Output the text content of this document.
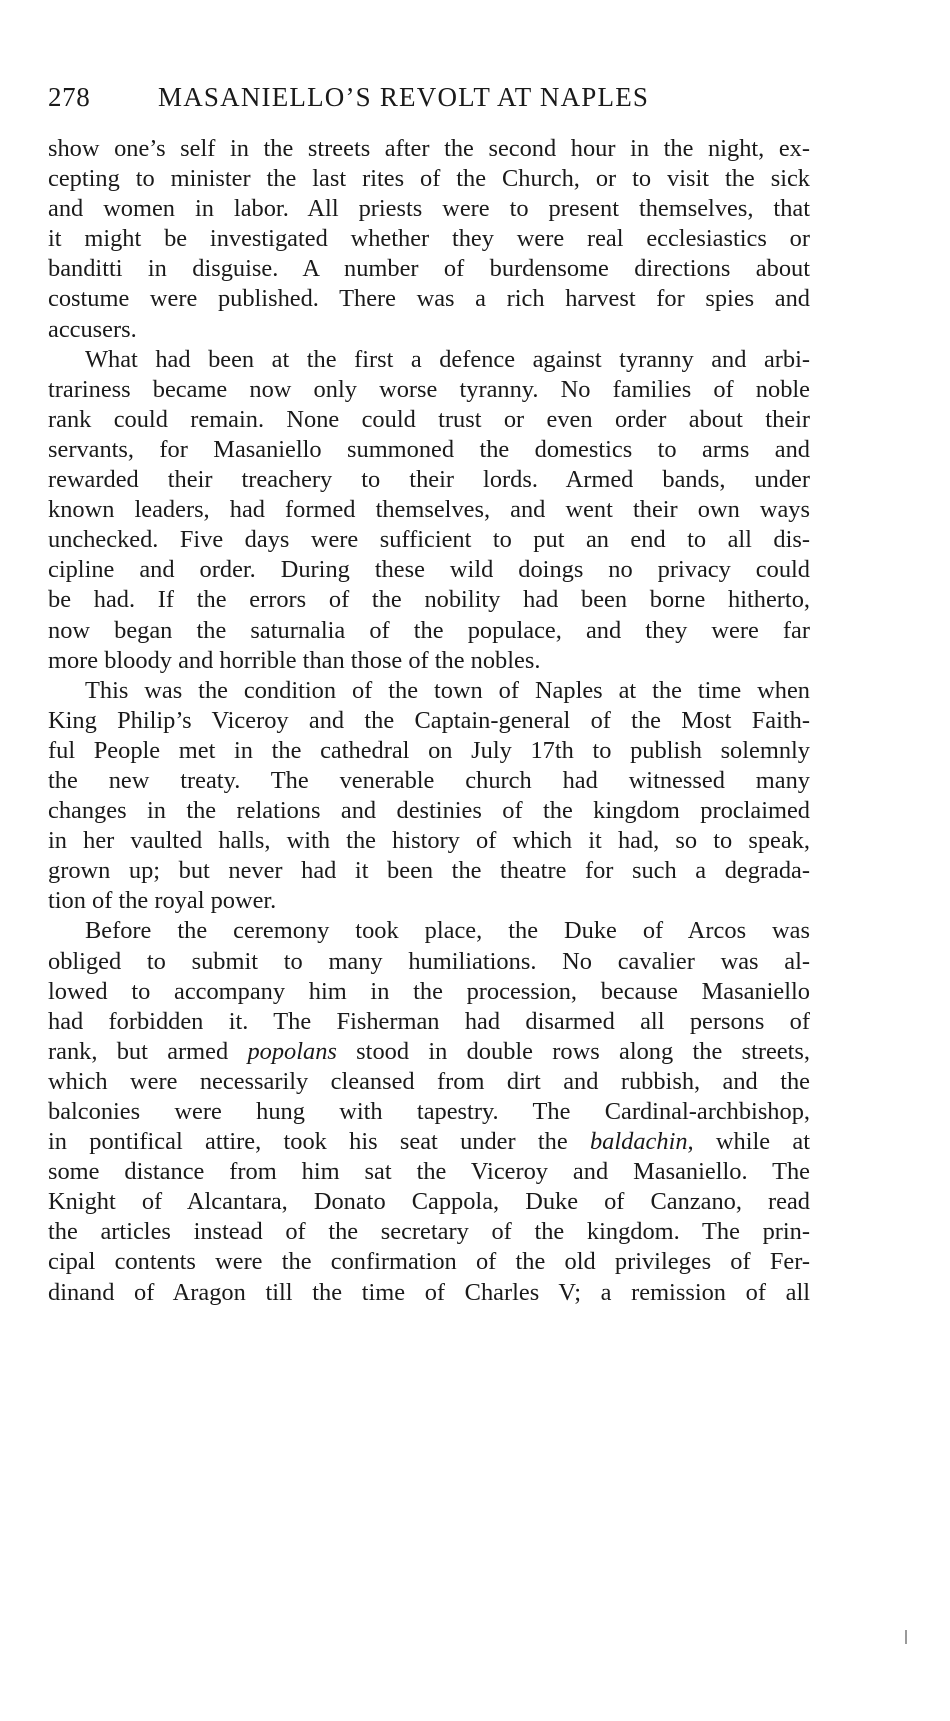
278	MASANIELLO’S REVOLT AT NAPLES
show one’s self in the streets after the second hour in the night, ex-
cepting to minister the last rites of the Church, or to visit the sick
and women in labor. All priests were to present themselves, that
it might be investigated whether they were real ecclesiastics or
banditti in disguise. A number of burdensome directions about
costume were published. There was a rich harvest for spies and
accusers.
What had been at the first a defence against tyranny and arbi-
trariness became now only worse tyranny. No families of noble
rank could remain. None could trust or even order about their
servants, for Masaniello summoned the domestics to arms and
rewarded their treachery to their lords. Armed bands, under
known leaders, had formed themselves, and went their own ways
unchecked. Five days were sufficient to put an end to all dis-
cipline and order. During these wild doings no privacy could
be had. If the errors of the nobility had been borne hitherto,
now began the saturnalia of the populace, and they were far
more bloody and horrible than those of the nobles.
This was the condition of the town of Naples at the time when
King Philip’s Viceroy and the Captain-general of the Most Faith-
ful People met in the cathedral on July 17th to publish solemnly
the new treaty. The venerable church had witnessed many
changes in the relations and destinies of the kingdom proclaimed
in her vaulted halls, with the history of which it had, so to speak,
grown up; but never had it been the theatre for such a degrada-
tion of the royal power.
Before the ceremony took place, the Duke of Arcos was
obliged to submit to many humiliations. No cavalier was al-
lowed to accompany him in the procession, because Masaniello
had forbidden it. The Fisherman had disarmed all persons of
rank, but armed popolans stood in double rows along the streets,
which were necessarily cleansed from dirt and rubbish, and the
balconies were hung with tapestry. The Cardinal-archbishop,
in pontifical attire, took his seat under the baldachin, while at
some distance from him sat the Viceroy and Masaniello. The
Knight of Alcantara, Donato Cappola, Duke of Canzano, read
the articles instead of the secretary of the kingdom. The prin-
cipal contents were the confirmation of the old privileges of Fer-
dinand of Aragon till the time of Charles V; a remission of all
